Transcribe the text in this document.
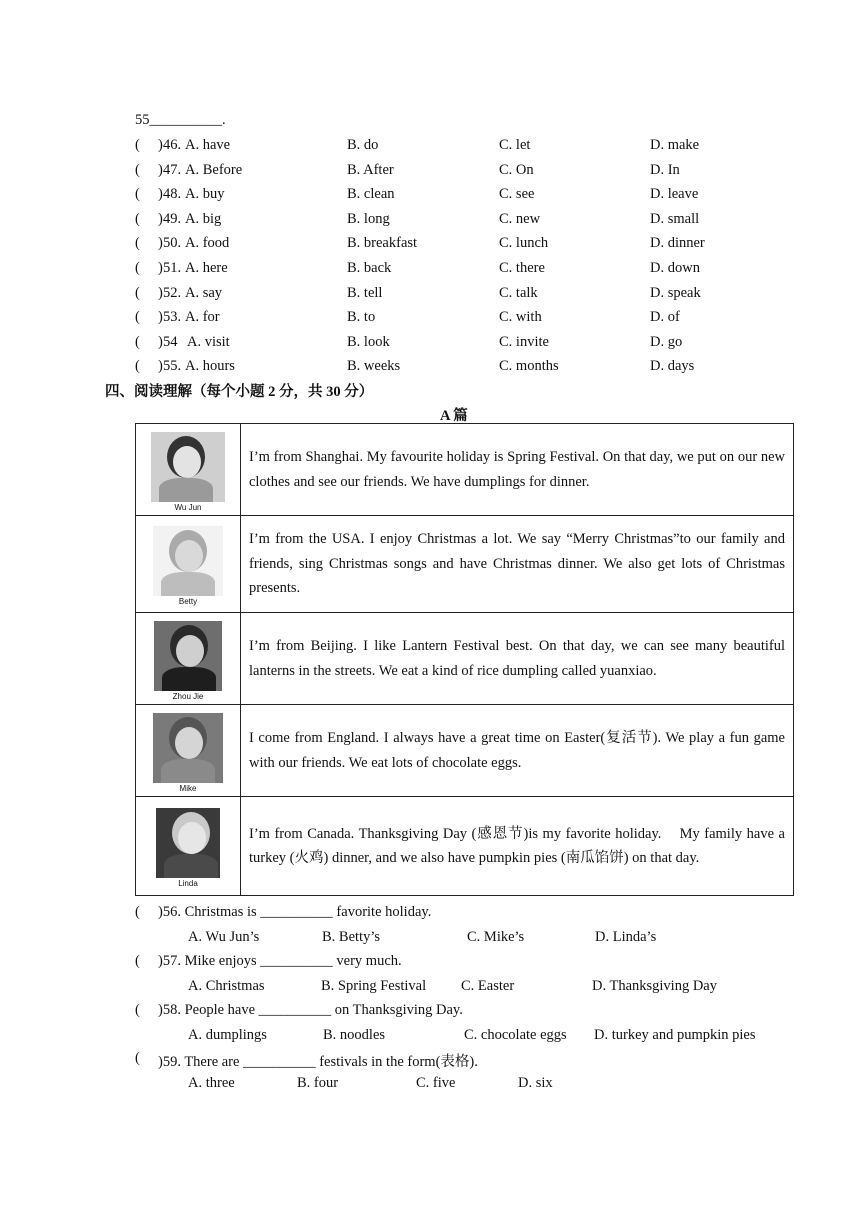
55__________.
( ) 46. A. have	B. do	C. let	D. make
( ) 47. A. Before	B. After	C. On	D. In
( ) 48. A. buy	B. clean	C. see	D. leave
( ) 49. A. big	B. long	C. new	D. small
( ) 50. A. food	B. breakfast	C. lunch	D. dinner
( ) 51. A. here	B. back	C. there	D. down
( ) 52. A. say	B. tell	C. talk	D. speak
( ) 53. A. for	B. to	C. with	D. of
( ) 54 A. visit	B. look	C. invite	D. go
( ) 55. A. hours	B. weeks	C. months	D. days
四、阅读理解（每个小题 2 分，共 30 分）
A 篇
Wu Jun	I’m from Shanghai. My favourite holiday is Spring Festival. On that day, we put on our new clothes and see our friends. We have dumplings for dinner.

Betty	I’m from the USA. I enjoy Christmas a lot. We say “Merry Christmas”to our family and friends, sing Christmas songs and have Christmas dinner. We also get lots of Christmas presents.

Zhou Jie	I’m from Beijing. I like Lantern Festival best. On that day, we can see many beautiful lanterns in the streets. We eat a kind of rice dumpling called yuanxiao.

Mike	I come from England. I always have a great time on Easter(复活节). We play a fun game with our friends. We eat lots of chocolate eggs.

Linda	I’m from Canada. Thanksgiving Day (感恩节)is my favorite holiday.    My family have a turkey (火鸡) dinner, and we also have pumpkin pies (南瓜馅饼) on that day.
( )56. Christmas is __________ favorite holiday.
A. Wu Jun’s	B. Betty’s	C. Mike’s	D. Linda’s
( )57. Mike enjoys __________ very much.
A. Christmas	B. Spring Festival C. Easter	D. Thanksgiving Day
( )58. People have __________ on Thanksgiving Day.
A. dumplings	B. noodles	C. chocolate eggs D. turkey and pumpkin pies
( )59. There are __________ festivals in the form(表格).
A. three	B. four	C. five	D. six
